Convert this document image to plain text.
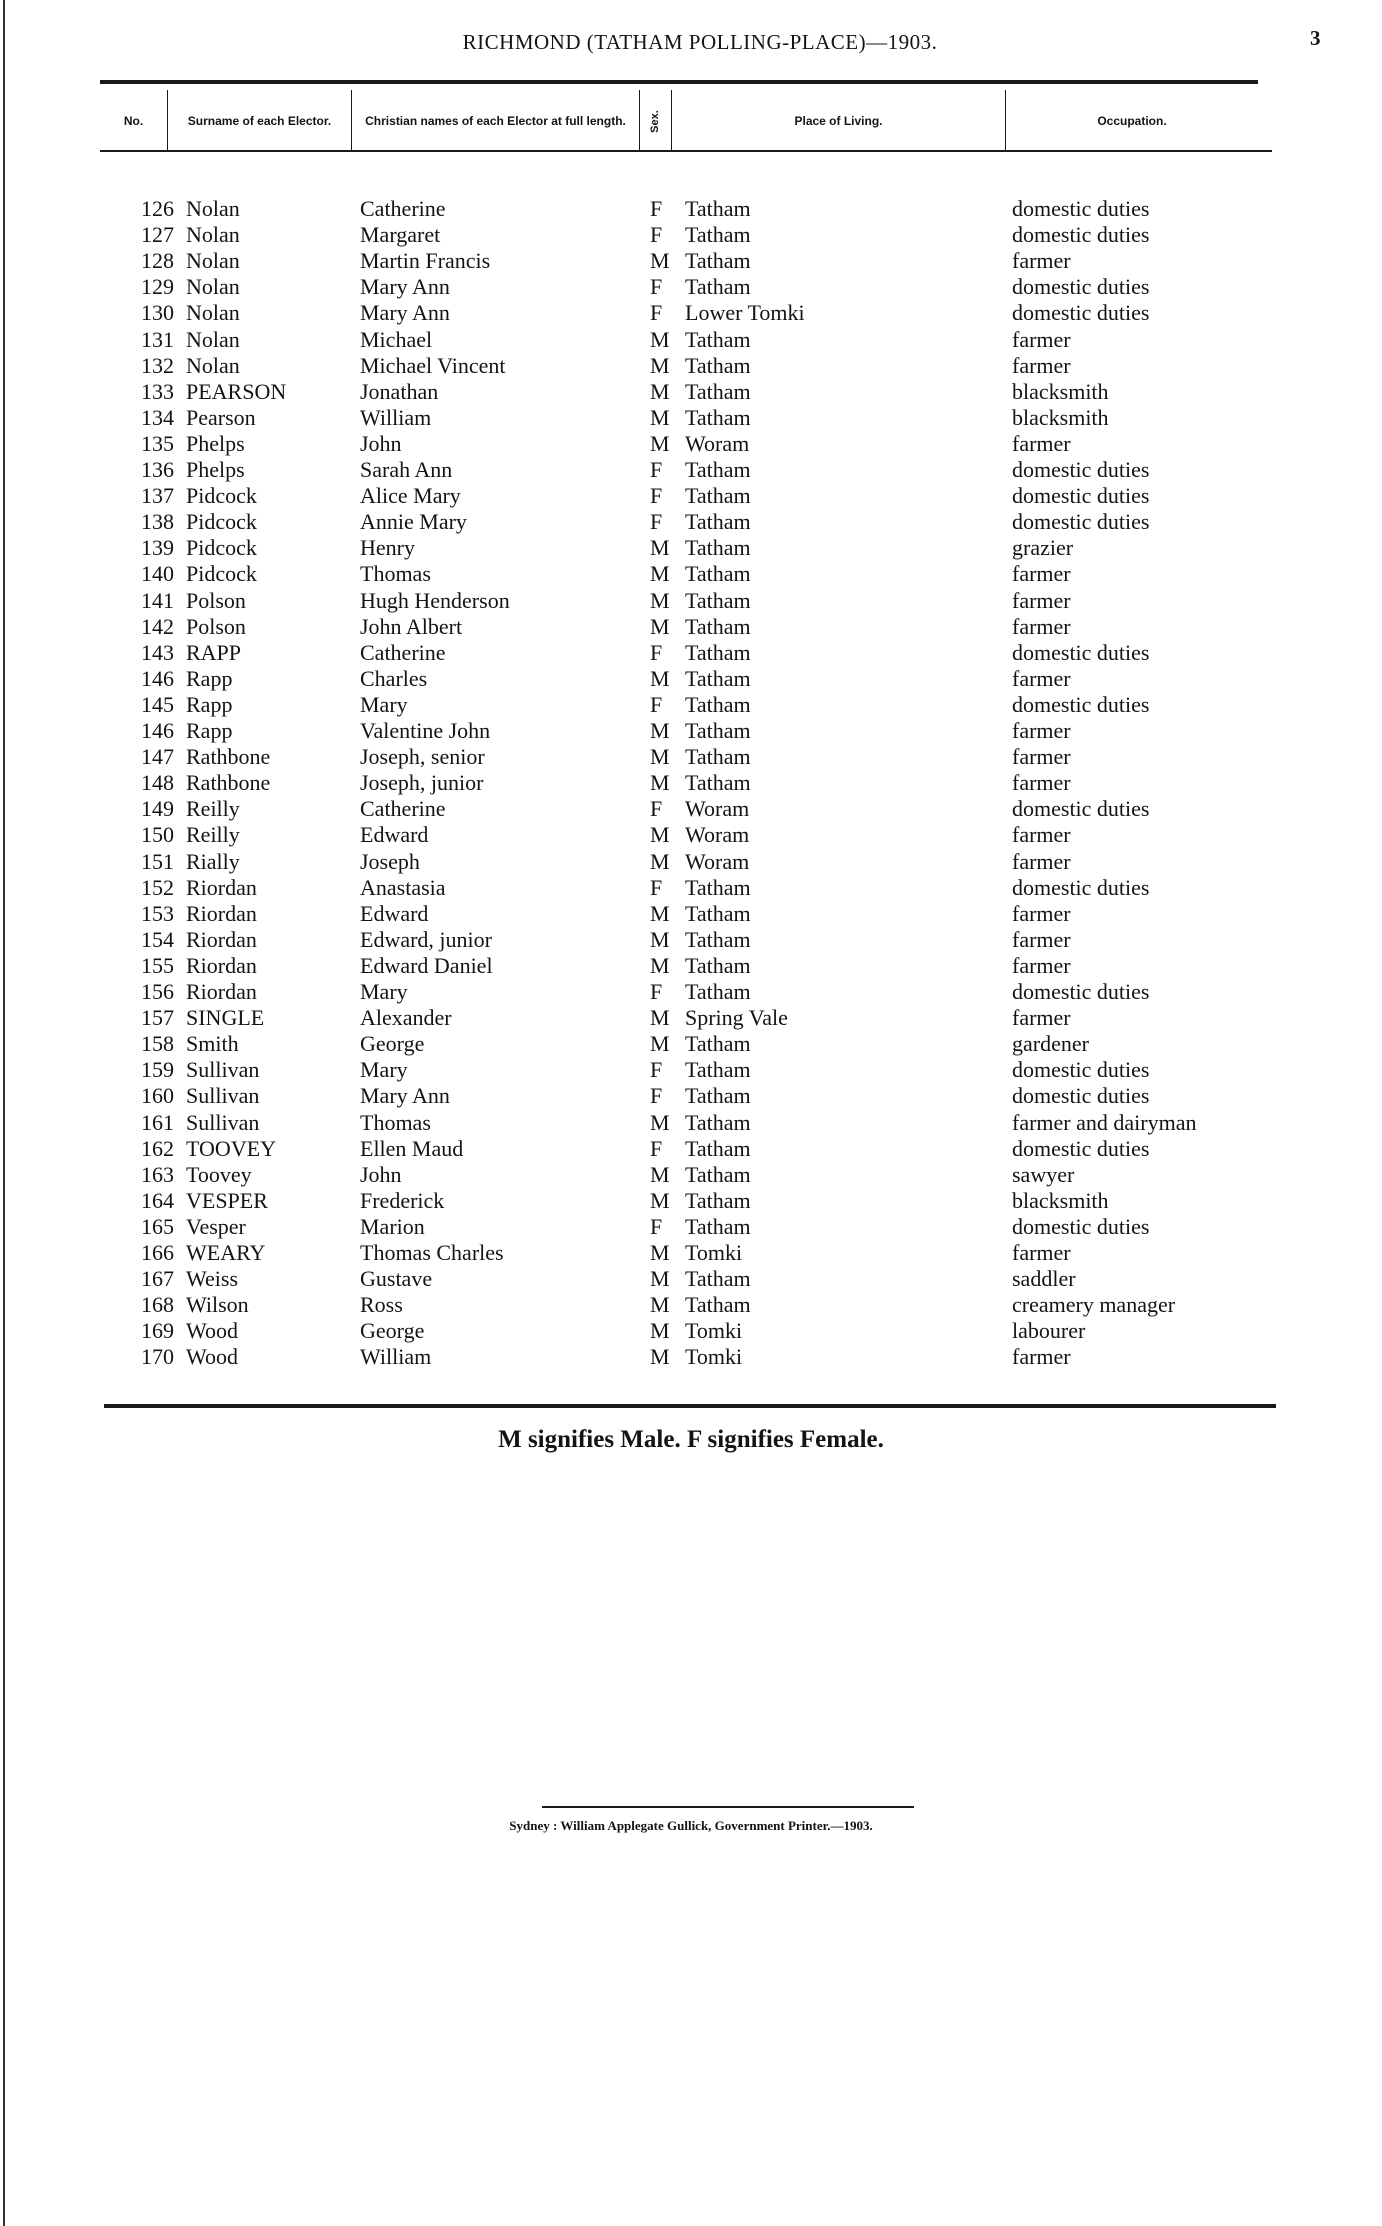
RICHMOND (TATHAM POLLING-PLACE)—1903.	3
No.	Surname of each Elector.	Christian names of each Elector at full length.	Sex.	Place of Living.	Occupation.
126 Nolan	Catherine	F Tatham	domestic duties
127 Nolan	Margaret	F Tatham	domestic duties
128 Nolan	Martin Francis	M Tatham	farmer
129 Nolan	Mary Ann	F Tatham	domestic duties
130 Nolan	Mary Ann	F Lower Tomki	domestic duties
131 Nolan	Michael	M Tatham	farmer
132 Nolan	Michael Vincent	M Tatham	farmer
133 PEARSON	Jonathan	M Tatham	blacksmith
134 Pearson	William	M Tatham	blacksmith
135 Phelps	John	M Woram	farmer
136 Phelps	Sarah Ann	F Tatham	domestic duties
137 Pidcock	Alice Mary	F Tatham	domestic duties
138 Pidcock	Annie Mary	F Tatham	domestic duties
139 Pidcock	Henry	M Tatham	grazier
140 Pidcock	Thomas	M Tatham	farmer
141 Polson	Hugh Henderson	M Tatham	farmer
142 Polson	John Albert	M Tatham	farmer
143 RAPP	Catherine	F Tatham	domestic duties
146 Rapp	Charles	M Tatham	farmer
145 Rapp	Mary	F Tatham	domestic duties
146 Rapp	Valentine John	M Tatham	farmer
147 Rathbone	Joseph, senior	M Tatham	farmer
148 Rathbone	Joseph, junior	M Tatham	farmer
149 Reilly	Catherine	F Woram	domestic duties
150 Reilly	Edward	M Woram	farmer
151 Rially	Joseph	M Woram	farmer
152 Riordan	Anastasia	F Tatham	domestic duties
153 Riordan	Edward	M Tatham	farmer
154 Riordan	Edward, junior	M Tatham	farmer
155 Riordan	Edward Daniel	M Tatham	farmer
156 Riordan	Mary	F Tatham	domestic duties
157 SINGLE	Alexander	M Spring Vale	farmer
158 Smith	George	M Tatham	gardener
159 Sullivan	Mary	F Tatham	domestic duties
160 Sullivan	Mary Ann	F Tatham	domestic duties
161 Sullivan	Thomas	M Tatham	farmer and dairyman
162 TOOVEY	Ellen Maud	F Tatham	domestic duties
163 Toovey	John	M Tatham	sawyer
164 VESPER	Frederick	M Tatham	blacksmith
165 Vesper	Marion	F Tatham	domestic duties
166 WEARY	Thomas Charles	M Tomki	farmer
167 Weiss	Gustave	M Tatham	saddler
168 Wilson	Ross	M Tatham	creamery manager
169 Wood	George	M Tomki	labourer
170 Wood	William	M Tomki	farmer
M signifies Male. F signifies Female.
Sydney : William Applegate Gullick, Government Printer.—1903.
